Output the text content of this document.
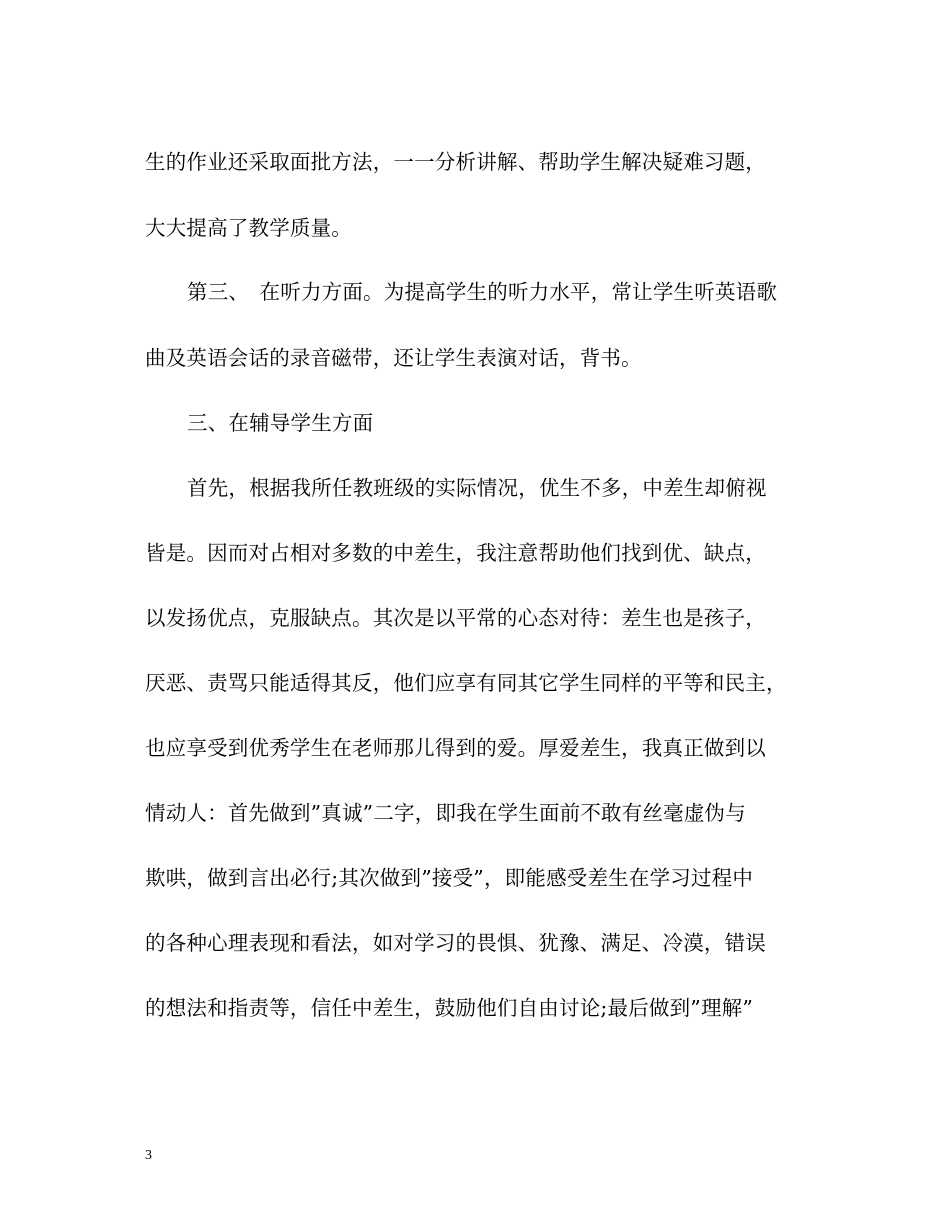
生的作业还采取面批方法，一一分析讲解、帮助学生解决疑难习题，
大大提高了教学质量。
第三、　在听力方面。为提高学生的听力水平，常让学生听英语歌
曲及英语会话的录音磁带，还让学生表演对话，背书。
三、在辅导学生方面
首先，根据我所任教班级的实际情况，优生不多，中差生却俯视
皆是。因而对占相对多数的中差生，我注意帮助他们找到优、缺点，
以发扬优点，克服缺点。其次是以平常的心态对待：差生也是孩子，
厌恶、责骂只能适得其反，他们应享有同其它学生同样的平等和民主，
也应享受到优秀学生在老师那儿得到的爱。厚爱差生，我真正做到以
情动人：首先做到”真诚”二字，即我在学生面前不敢有丝毫虚伪与
欺哄，做到言出必行;其次做到”接受”，即能感受差生在学习过程中
的各种心理表现和看法，如对学习的畏惧、犹豫、满足、冷漠，错误
的想法和指责等，信任中差生，鼓励他们自由讨论;最后做到”理解”
3
